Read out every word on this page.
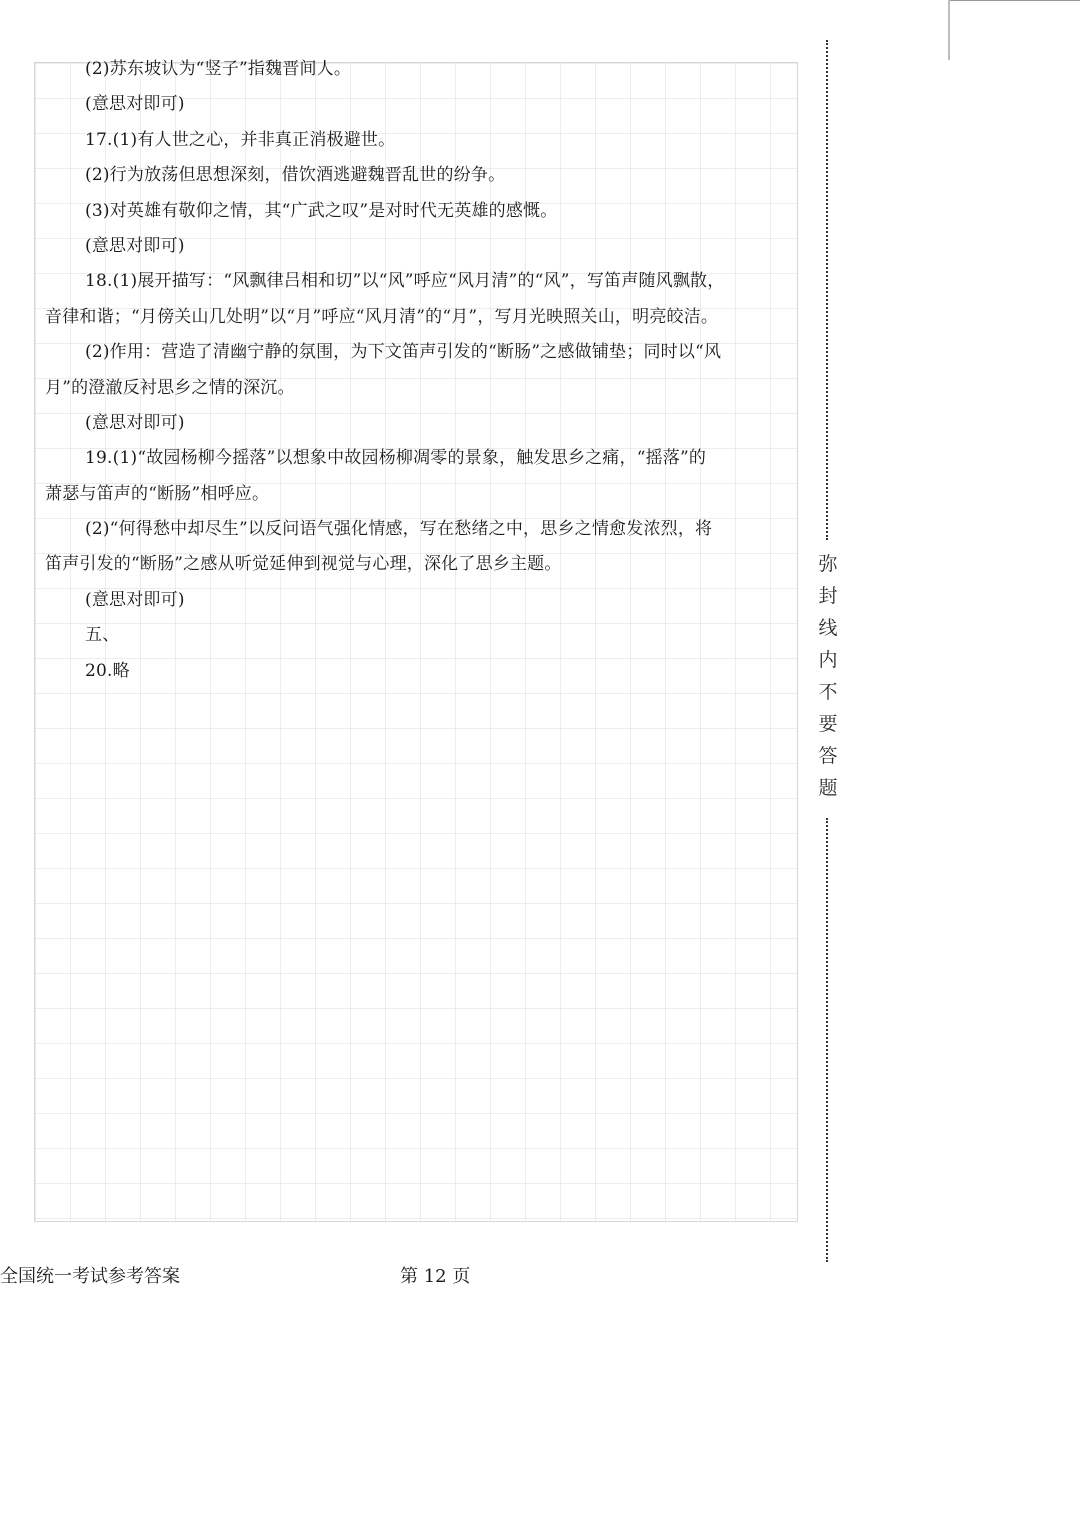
(2)苏东坡认为“竖子”指魏晋间人。
(意思对即可)
17.(1)有人世之心，并非真正消极避世。
(2)行为放荡但思想深刻，借饮酒逃避魏晋乱世的纷争。
(3)对英雄有敬仰之情，其“广武之叹”是对时代无英雄的感慨。
(意思对即可)
18.(1)展开描写：“风飘律吕相和切”以“风”呼应“风月清”的“风”，写笛声随风飘散，
音律和谐；“月傍关山几处明”以“月”呼应“风月清”的“月”，写月光映照关山，明亮皎洁。
(2)作用：营造了清幽宁静的氛围，为下文笛声引发的“断肠”之感做铺垫；同时以“风
月”的澄澈反衬思乡之情的深沉。
(意思对即可)
19.(1)“故园杨柳今摇落”以想象中故园杨柳凋零的景象，触发思乡之痛，“摇落”的
萧瑟与笛声的“断肠”相呼应。
(2)“何得愁中却尽生”以反问语气强化情感，写在愁绪之中，思乡之情愈发浓烈，将
笛声引发的“断肠”之感从听觉延伸到视觉与心理，深化了思乡主题。
(意思对即可)
五、
20.略
弥
封
线
内
不
要
答
题
全国统一考试参考答案	第 12 页
